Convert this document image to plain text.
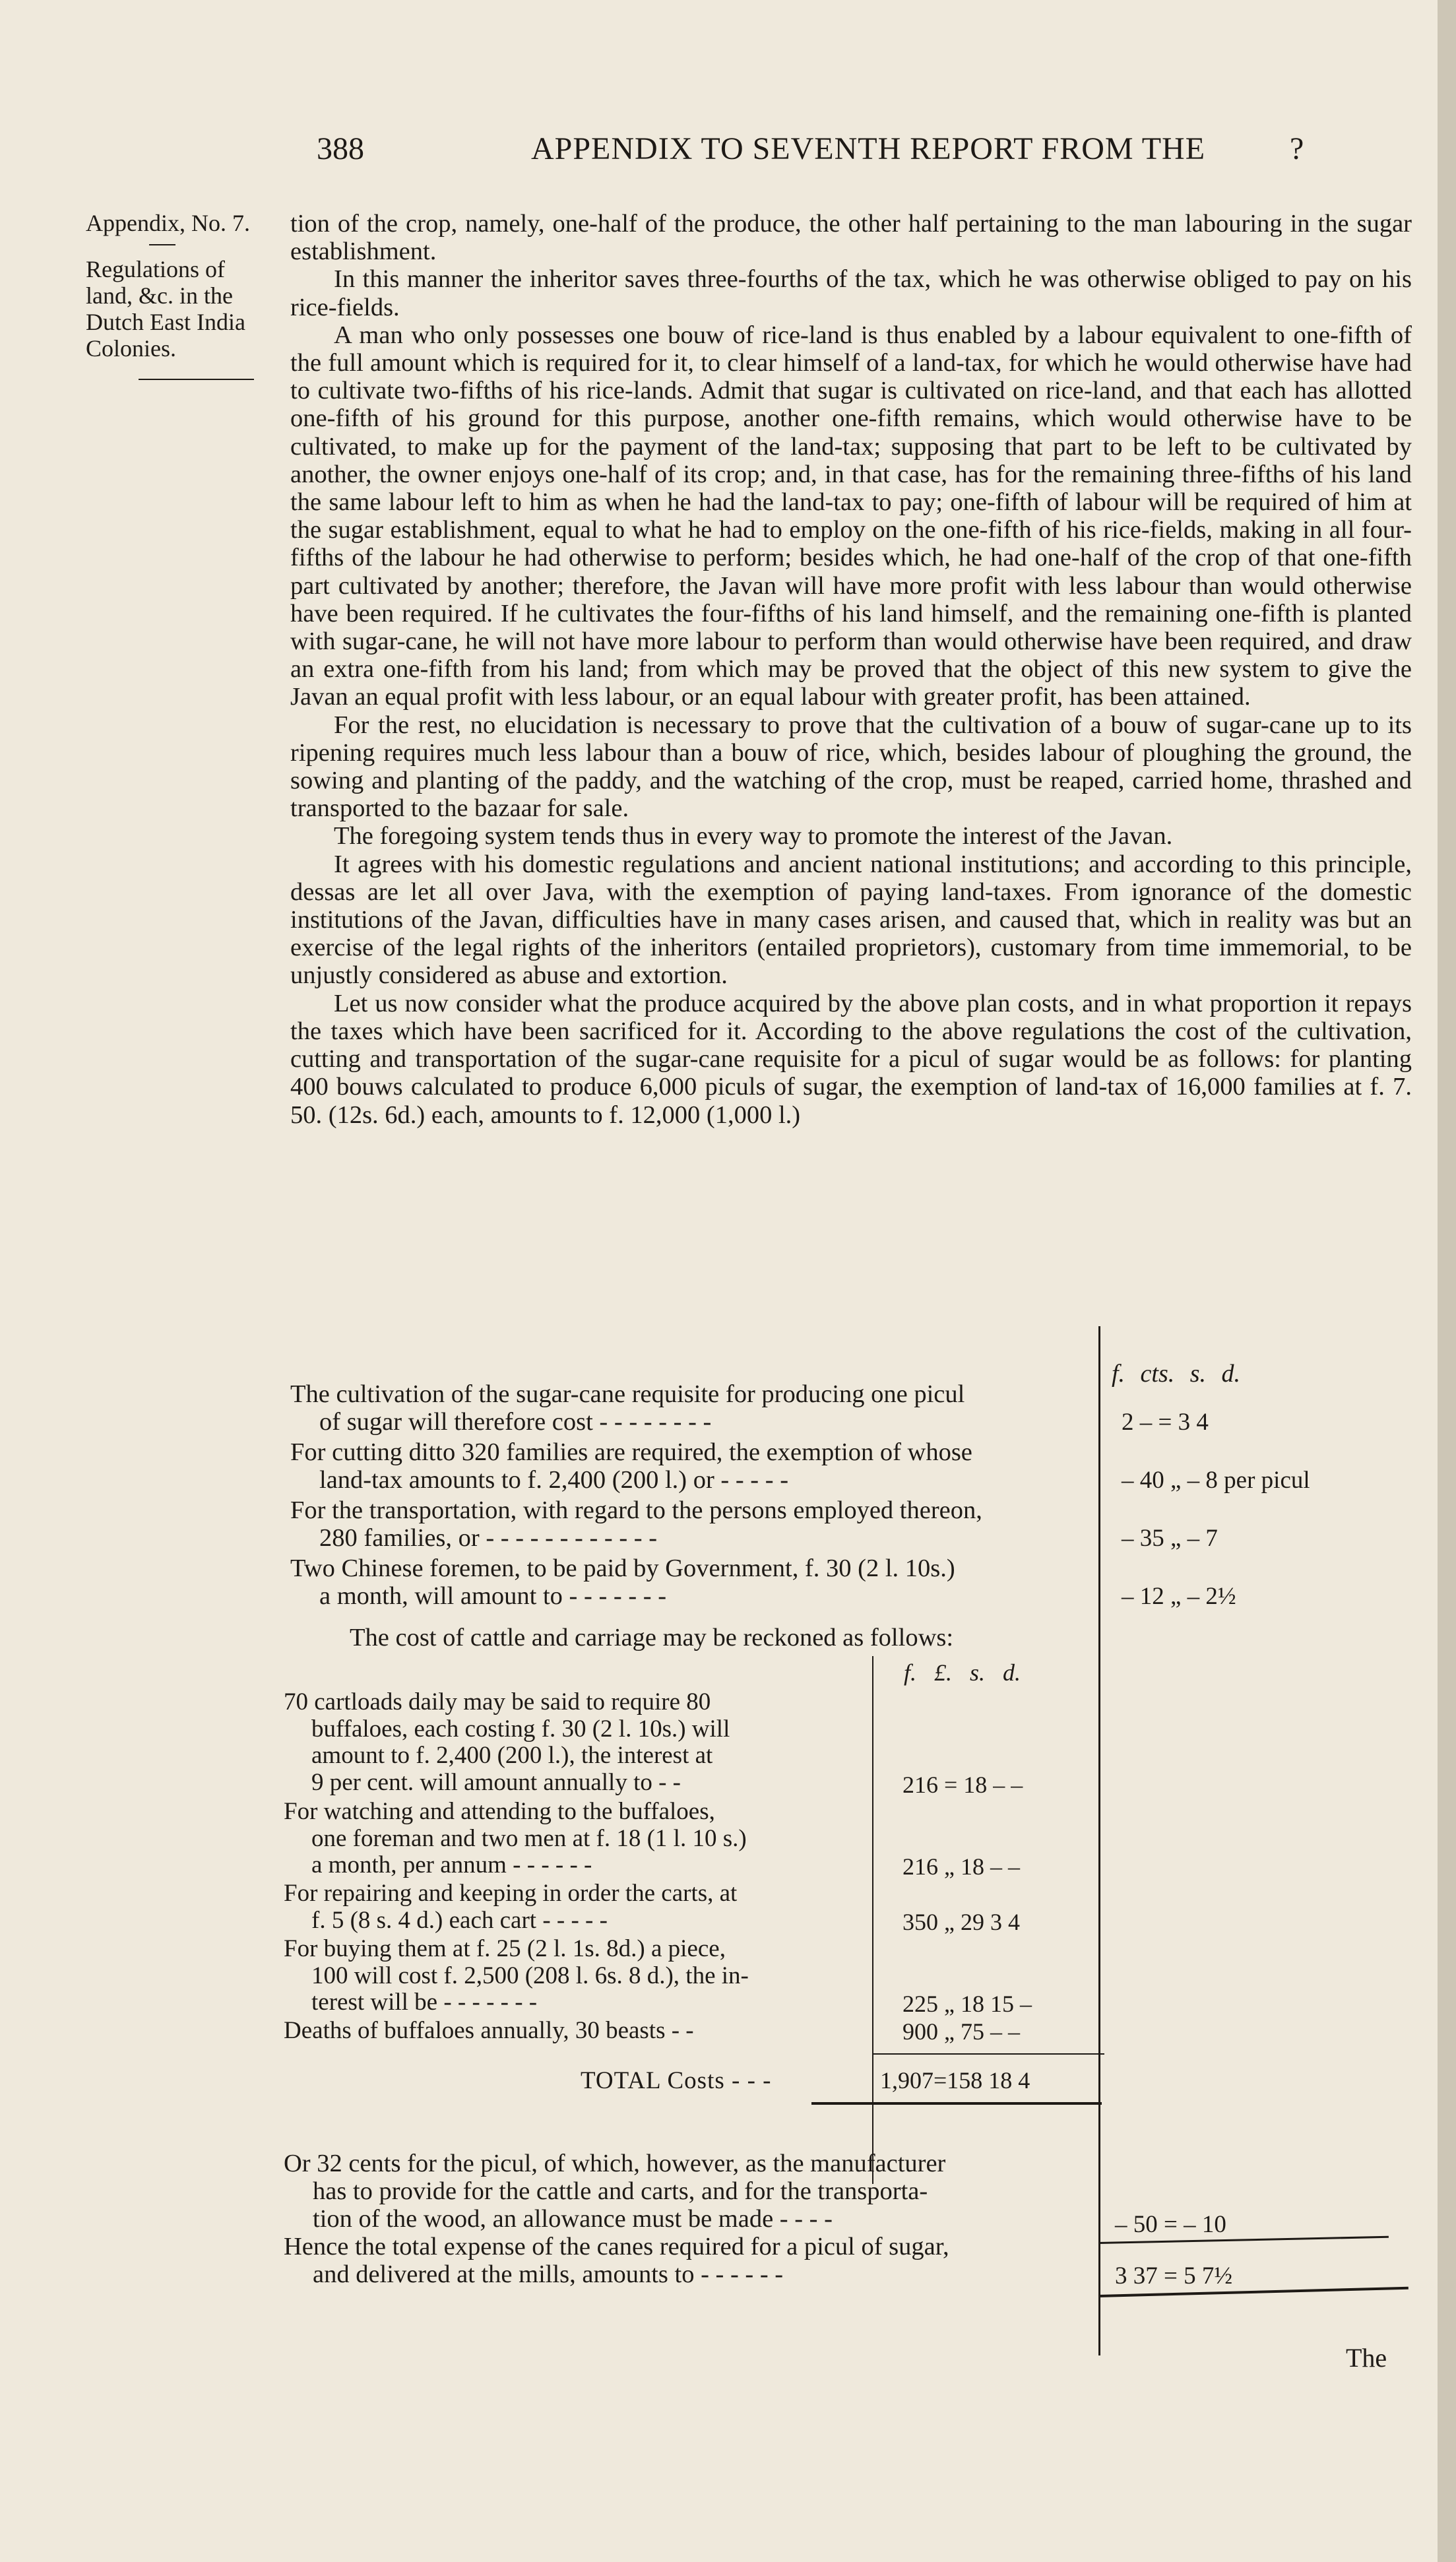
388	APPENDIX TO SEVENTH REPORT FROM THE	?
Appendix, No. 7.
Regulations of
land, &c. in the
Dutch East India
Colonies.

tion of the crop, namely, one-half of the produce, the other half pertaining to the man labouring in the sugar establishment.

In this manner the inheritor saves three-fourths of the tax, which he was otherwise obliged to pay on his rice-fields.

A man who only possesses one bouw of rice-land is thus enabled by a labour equivalent to one-fifth of the full amount which is required for it, to clear himself of a land-tax, for which he would otherwise have had to cultivate two-fifths of his rice-lands. Admit that sugar is cultivated on rice-land, and that each has allotted one-fifth of his ground for this purpose, another one-fifth remains, which would otherwise have to be cultivated, to make up for the payment of the land-tax; supposing that part to be left to be cultivated by another, the owner enjoys one-half of its crop; and, in that case, has for the remaining three-fifths of his land the same labour left to him as when he had the land-tax to pay; one-fifth of labour will be required of him at the sugar establishment, equal to what he had to employ on the one-fifth of his rice-fields, making in all four-fifths of the labour he had otherwise to perform; besides which, he had one-half of the crop of that one-fifth part cultivated by another; therefore, the Javan will have more profit with less labour than would otherwise have been required. If he cultivates the four-fifths of his land himself, and the remaining one-fifth is planted with sugar-cane, he will not have more labour to perform than would otherwise have been required, and draw an extra one-fifth from his land; from which may be proved that the object of this new system to give the Javan an equal profit with less labour, or an equal labour with greater profit, has been attained.

For the rest, no elucidation is necessary to prove that the cultivation of a bouw of sugar-cane up to its ripening requires much less labour than a bouw of rice, which, besides labour of ploughing the ground, the sowing and planting of the paddy, and the watching of the crop, must be reaped, carried home, thrashed and transported to the bazaar for sale.

The foregoing system tends thus in every way to promote the interest of the Javan.

It agrees with his domestic regulations and ancient national institutions; and according to this principle, dessas are let all over Java, with the exemption of paying land-taxes. From ignorance of the domestic institutions of the Javan, difficulties have in many cases arisen, and caused that, which in reality was but an exercise of the legal rights of the inheritors (entailed proprietors), customary from time immemorial, to be unjustly considered as abuse and extortion.

Let us now consider what the produce acquired by the above plan costs, and in what proportion it repays the taxes which have been sacrificed for it. According to the above regulations the cost of the cultivation, cutting and transportation of the sugar-cane requisite for a picul of sugar would be as follows: for planting 400 bouws calculated to produce 6,000 piculs of sugar, the exemption of land-tax of 16,000 families at f. 7. 50. (12s. 6d.) each, amounts to f. 12,000 (1,000 l.)

f. cts. s. d.
The cultivation of the sugar-cane requisite for producing one picul
of sugar will therefore cost - - - - - - - -	2 – = 3 4
For cutting ditto 320 families are required, the exemption of whose
land-tax amounts to f. 2,400 (200 l.) or - - - - -	– 40 „ – 8 per picul
For the transportation, with regard to the persons employed thereon,
280 families, or - - - - - - - - - - - -	– 35 „ – 7
Two Chinese foremen, to be paid by Government, f. 30 (2 l. 10s.)
a month, will amount to - - - - - - -	– 12 „ – 2½
The cost of cattle and carriage may be reckoned as follows:
f. £. s. d.
70 cartloads daily may be said to require 80
buffaloes, each costing f. 30 (2 l. 10s.) will
amount to f. 2,400 (200 l.), the interest at
9 per cent. will amount annually to - -	216 = 18 – –
For watching and attending to the buffaloes,
one foreman and two men at f. 18 (1 l. 10 s.)
a month, per annum - - - - - -	216 „ 18 – –
For repairing and keeping in order the carts, at
f. 5 (8 s. 4 d.) each cart - - - - -	350 „ 29 3 4
For buying them at f. 25 (2 l. 1s. 8d.) a piece,
100 will cost f. 2,500 (208 l. 6s. 8 d.), the in-
terest will be - - - - - - -	225 „ 18 15 –
Deaths of buffaloes annually, 30 beasts - -	900 „ 75 – –
TOTAL Costs - - -	1,907=158 18 4
Or 32 cents for the picul, of which, however, as the manufacturer
has to provide for the cattle and carts, and for the transporta-
tion of the wood, an allowance must be made - - - -	– 50 = – 10
Hence the total expense of the canes required for a picul of sugar,
and delivered at the mills, amounts to - - - - - -	3 37 = 5 7½
The
